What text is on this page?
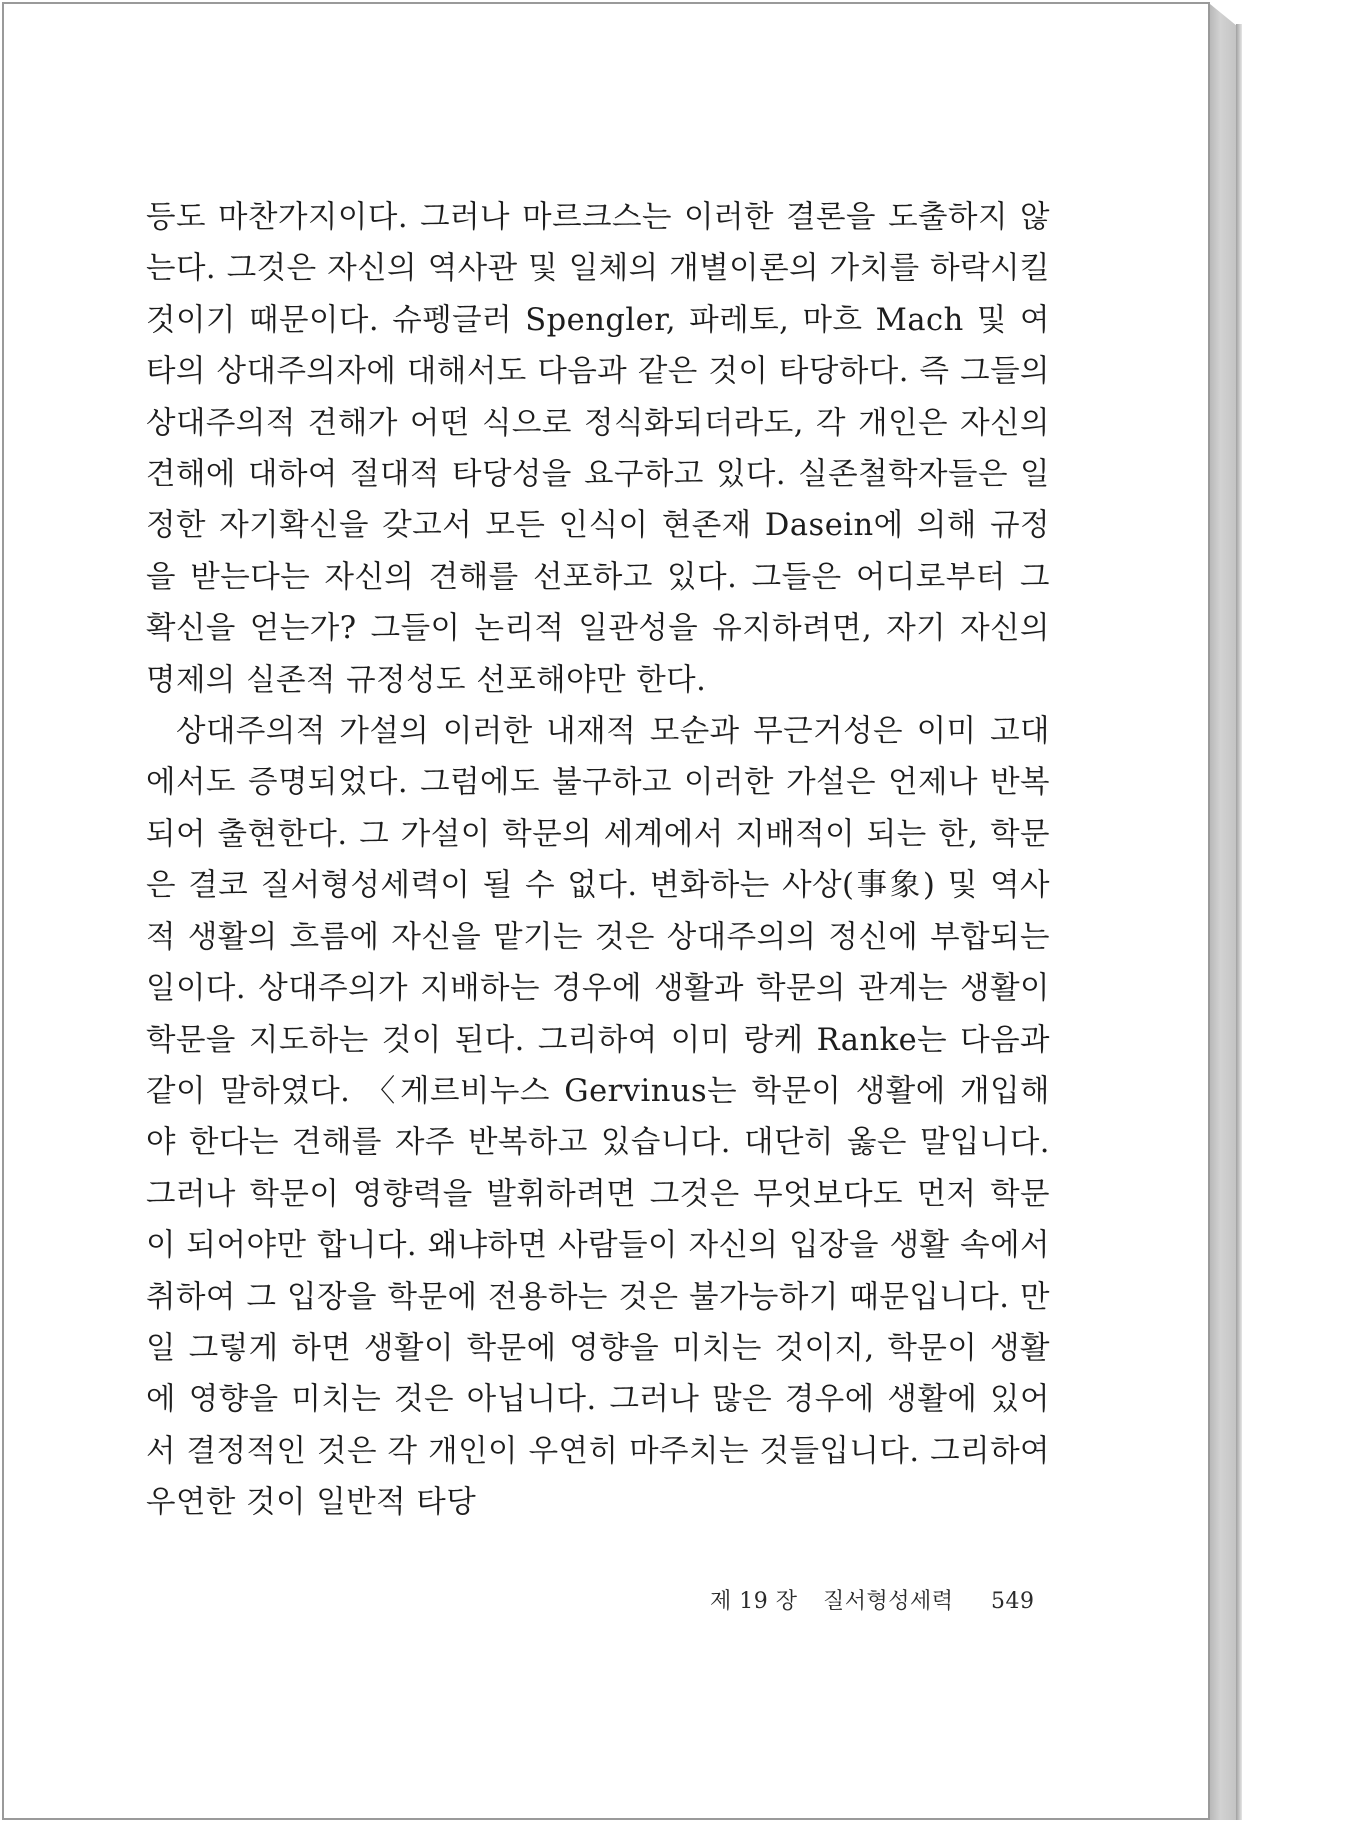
등도 마찬가지이다. 그러나 마르크스는 이러한 결론을 도출하지 않는다. 그것은 자신의 역사관 및 일체의 개별이론의 가치를 하락시킬 것이기 때문이다. 슈펭글러 Spengler, 파레토, 마흐 Mach 및 여타의 상대주의자에 대해서도 다음과 같은 것이 타당하다. 즉 그들의 상대주의적 견해가 어떤 식으로 정식화되더라도, 각 개인은 자신의 견해에 대하여 절대적 타당성을 요구하고 있다. 실존철학자들은 일정한 자기확신을 갖고서 모든 인식이 현존재 Dasein에 의해 규정을 받는다는 자신의 견해를 선포하고 있다. 그들은 어디로부터 그 확신을 얻는가? 그들이 논리적 일관성을 유지하려면, 자기 자신의 명제의 실존적 규정성도 선포해야만 한다.

상대주의적 가설의 이러한 내재적 모순과 무근거성은 이미 고대에서도 증명되었다. 그럼에도 불구하고 이러한 가설은 언제나 반복되어 출현한다. 그 가설이 학문의 세계에서 지배적이 되는 한, 학문은 결코 질서형성세력이 될 수 없다. 변화하는 사상(事象) 및 역사적 생활의 흐름에 자신을 맡기는 것은 상대주의의 정신에 부합되는 일이다. 상대주의가 지배하는 경우에 생활과 학문의 관계는 생활이 학문을 지도하는 것이 된다. 그리하여 이미 랑케 Ranke는 다음과 같이 말하였다. 〈게르비누스 Gervinus는 학문이 생활에 개입해야 한다는 견해를 자주 반복하고 있습니다. 대단히 옳은 말입니다. 그러나 학문이 영향력을 발휘하려면 그것은 무엇보다도 먼저 학문이 되어야만 합니다. 왜냐하면 사람들이 자신의 입장을 생활 속에서 취하여 그 입장을 학문에 전용하는 것은 불가능하기 때문입니다. 만일 그렇게 하면 생활이 학문에 영향을 미치는 것이지, 학문이 생활에 영향을 미치는 것은 아닙니다. 그러나 많은 경우에 생활에 있어서 결정적인 것은 각 개인이 우연히 마주치는 것들입니다. 그리하여 우연한 것이 일반적 타당

제 19 장 질서형성세력 549
